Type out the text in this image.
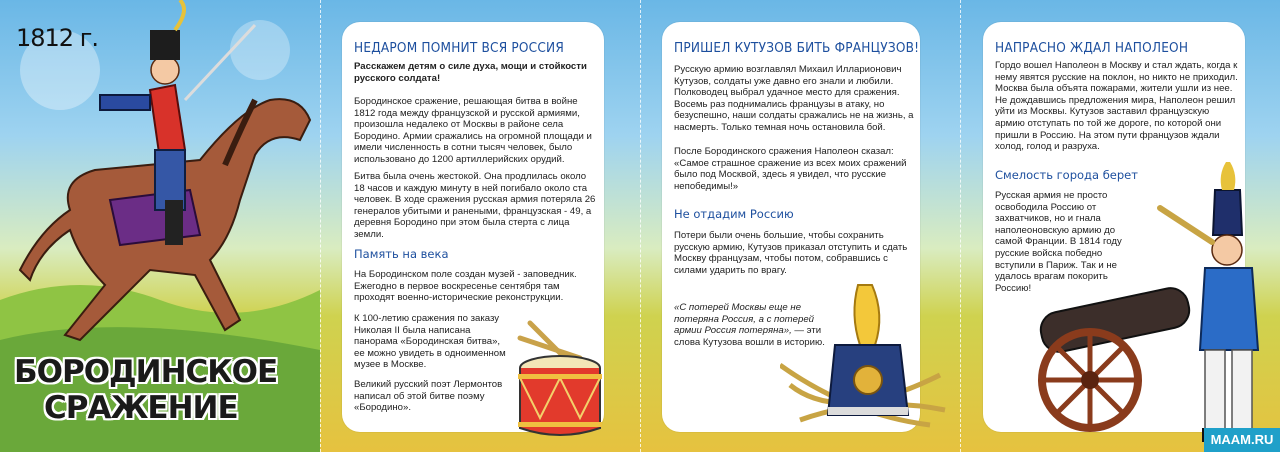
1812 г.
БОРОДИНСКОЕ
СРАЖЕНИЕ
НЕДАРОМ ПОМНИТ ВСЯ РОССИЯ
Расскажем детям о силе духа, мощи и стойкости русского солдата!
Бородинское сражение, решающая битва в войне 1812 года между французской и русской армиями, произошла недалеко от Москвы в районе села Бородино. Армии сражались на огромной площади и имели численность в сотни тысяч человек, было использовано до 1200 артиллерийских орудий.
Битва была очень жестокой. Она продлилась около 18 часов и каждую минуту в ней погибало около ста человек. В ходе сражения русская армия потеряла 26 генералов убитыми и ранеными, французская - 49, а деревня Бородино при этом была стерта с лица земли.
Память на века
На Бородинском поле создан музей - заповедник. Ежегодно в первое воскресенье сентября там проходят военно-исторические реконструкции.
К 100-летию сражения по заказу Николая II была написана панорама «Бородинская битва», ее можно увидеть в одноименном музее в Москве.
Великий русский поэт Лермонтов написал об этой битве поэму «Бородино».
ПРИШЕЛ КУТУЗОВ БИТЬ ФРАНЦУЗОВ!
Русскую армию возглавлял Михаил Илларионович Кутузов, солдаты уже давно его знали и любили. Полководец выбрал удачное место для сражения. Восемь раз поднимались французы в атаку, но безуспешно, наши солдаты сражались не на жизнь, а насмерть. Только темная ночь остановила бой.
После Бородинского сражения Наполеон сказал: «Самое страшное сражение из всех моих сражений было под Москвой, здесь я увидел, что русские непобедимы!»
Не отдадим Россию
Потери были очень большие, чтобы сохранить русскую армию, Кутузов приказал отступить и сдать Москву французам, чтобы потом, собравшись с силами ударить по врагу.
«С потерей Москвы еще не потеряна Россия, а с потерей армии Россия потеряна», — эти слова Кутузова вошли в историю.
НАПРАСНО ЖДАЛ НАПОЛЕОН
Гордо вошел Наполеон в Москву и стал ждать, когда к нему явятся русские на поклон, но никто не приходил. Москва была объята пожарами, жители ушли из нее. Не дождавшись предложения мира, Наполеон решил уйти из Москвы. Кутузов заставил французскую армию отступать по той же дороге, по которой они пришли в Россию. На этом пути французов ждали холод, голод и разруха.
Смелость города берет
Русская армия не просто освободила Россию от захватчиков, но и гнала наполеоновскую армию до самой Франции. В 1814 году русские войска победно вступили в Париж. Так и не удалось врагам покорить Россию!
MAAM.RU
